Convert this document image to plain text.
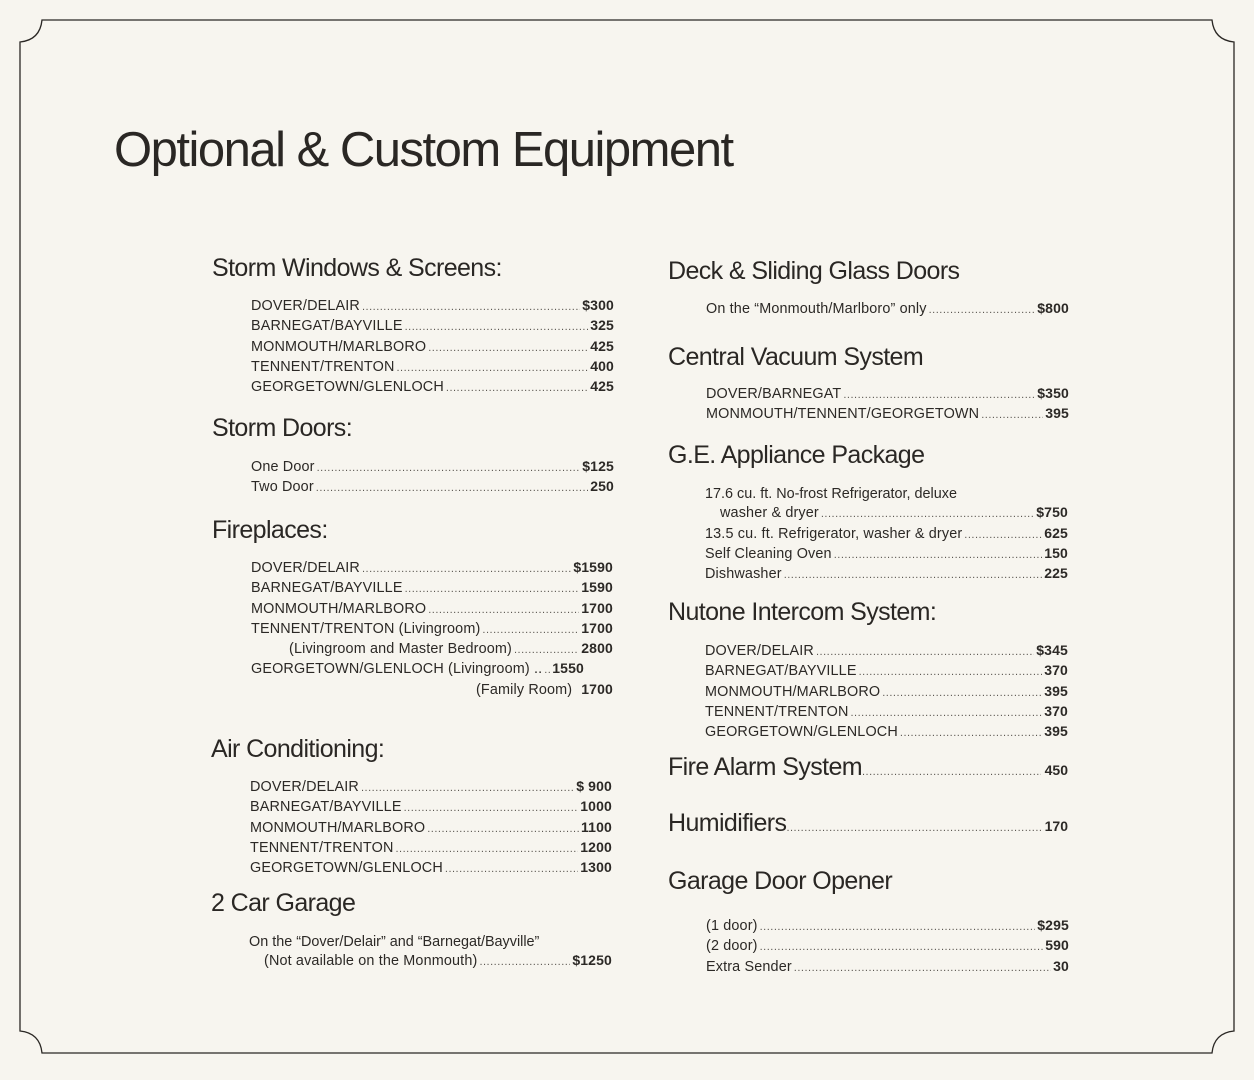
Optional & Custom Equipment
Storm Windows & Screens:
DOVER/DELAIR .....	$300
BARNEGAT/BAYVILLE .....	325
MONMOUTH/MARLBORO .....	425
TENNENT/TRENTON .....	400
GEORGETOWN/GLENLOCH .....	425
Storm Doors:
One Door .....	$125
Two Door .....	250
Fireplaces:
DOVER/DELAIR .....	$1590
BARNEGAT/BAYVILLE .....	1590
MONMOUTH/MARLBORO .....	1700
TENNENT/TRENTON (Livingroom) .....	1700
(Livingroom and Master Bedroom) .....	2800
GEORGETOWN/GLENLOCH (Livingroom) .. ..... 1550
(Family Room) 1700
Air Conditioning:
DOVER/DELAIR .....	$ 900
BARNEGAT/BAYVILLE .....	1000
MONMOUTH/MARLBORO .....	1100
TENNENT/TRENTON .....	1200
GEORGETOWN/GLENLOCH .....	1300
2 Car Garage
On the “Dover/Delair” and “Barnegat/Bayville”
(Not available on the Monmouth) .....	$1250
Deck & Sliding Glass Doors
On the “Monmouth/Marlboro” only .....	$800
Central Vacuum System
DOVER/BARNEGAT .....	$350
MONMOUTH/TENNENT/GEORGETOWN .....	395
G.E. Appliance Package
17.6 cu. ft. No-frost Refrigerator, deluxe
washer & dryer .....	$750
13.5 cu. ft. Refrigerator, washer & dryer .....	625
Self Cleaning Oven .....	150
Dishwasher .....	225
Nutone Intercom System:
DOVER/DELAIR .....	$345
BARNEGAT/BAYVILLE .....	370
MONMOUTH/MARLBORO .....	395
TENNENT/TRENTON .....	370
GEORGETOWN/GLENLOCH .....	395
Fire Alarm System .....	450
Humidifiers .....	170
Garage Door Opener
(1 door) .....	$295
(2 door) .....	590
Extra Sender .....	30
